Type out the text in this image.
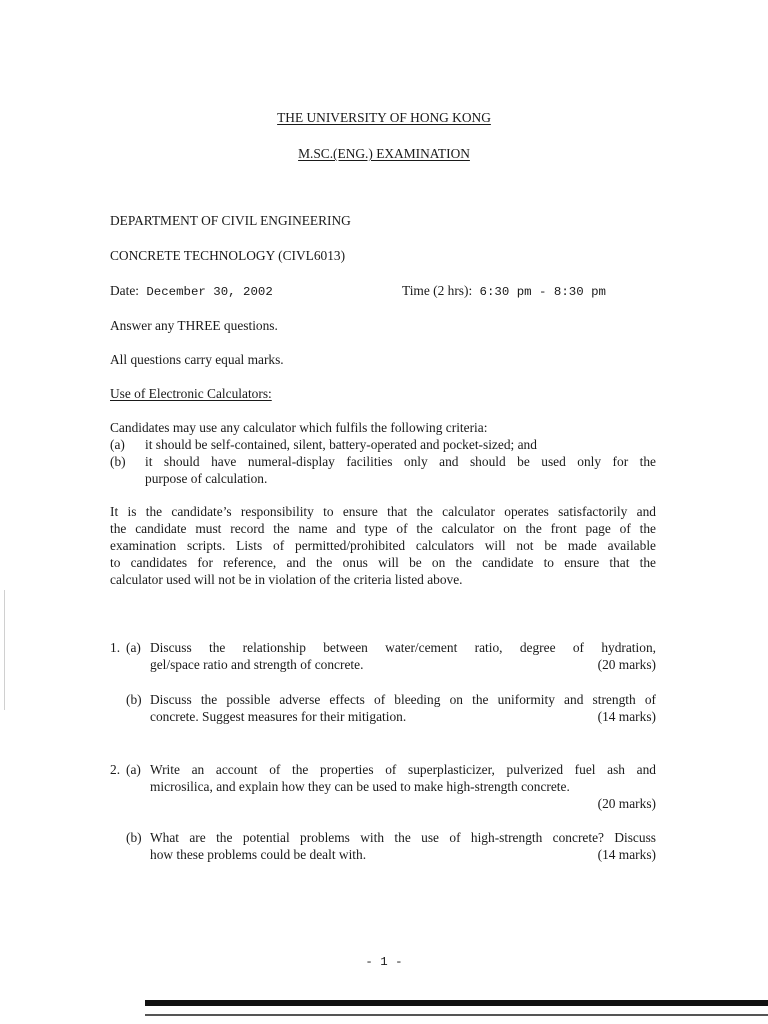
THE UNIVERSITY OF HONG KONG
M.SC.(ENG.) EXAMINATION
DEPARTMENT OF CIVIL ENGINEERING
CONCRETE TECHNOLOGY (CIVL6013)
Date: December 30, 2002	Time (2 hrs): 6:30 pm - 8:30 pm
Answer any THREE questions.
All questions carry equal marks.
Use of Electronic Calculators:
Candidates may use any calculator which fulfils the following criteria:
(a) it should be self-contained, silent, battery-operated and pocket-sized; and
(b) it should have numeral-display facilities only and should be used only for the
purpose of calculation.
It is the candidate’s responsibility to ensure that the calculator operates satisfactorily and
the candidate must record the name and type of the calculator on the front page of the
examination scripts. Lists of permitted/prohibited calculators will not be made available
to candidates for reference, and the onus will be on the candidate to ensure that the
calculator used will not be in violation of the criteria listed above.
1. (a) Discuss the relationship between water/cement ratio, degree of hydration,
gel/space ratio and strength of concrete.	(20 marks)
(b) Discuss the possible adverse effects of bleeding on the uniformity and strength of
concrete. Suggest measures for their mitigation.	(14 marks)
2. (a) Write an account of the properties of superplasticizer, pulverized fuel ash and
microsilica, and explain how they can be used to make high-strength concrete.
(20 marks)
(b) What are the potential problems with the use of high-strength concrete? Discuss
how these problems could be dealt with.	(14 marks)
- 1 -
